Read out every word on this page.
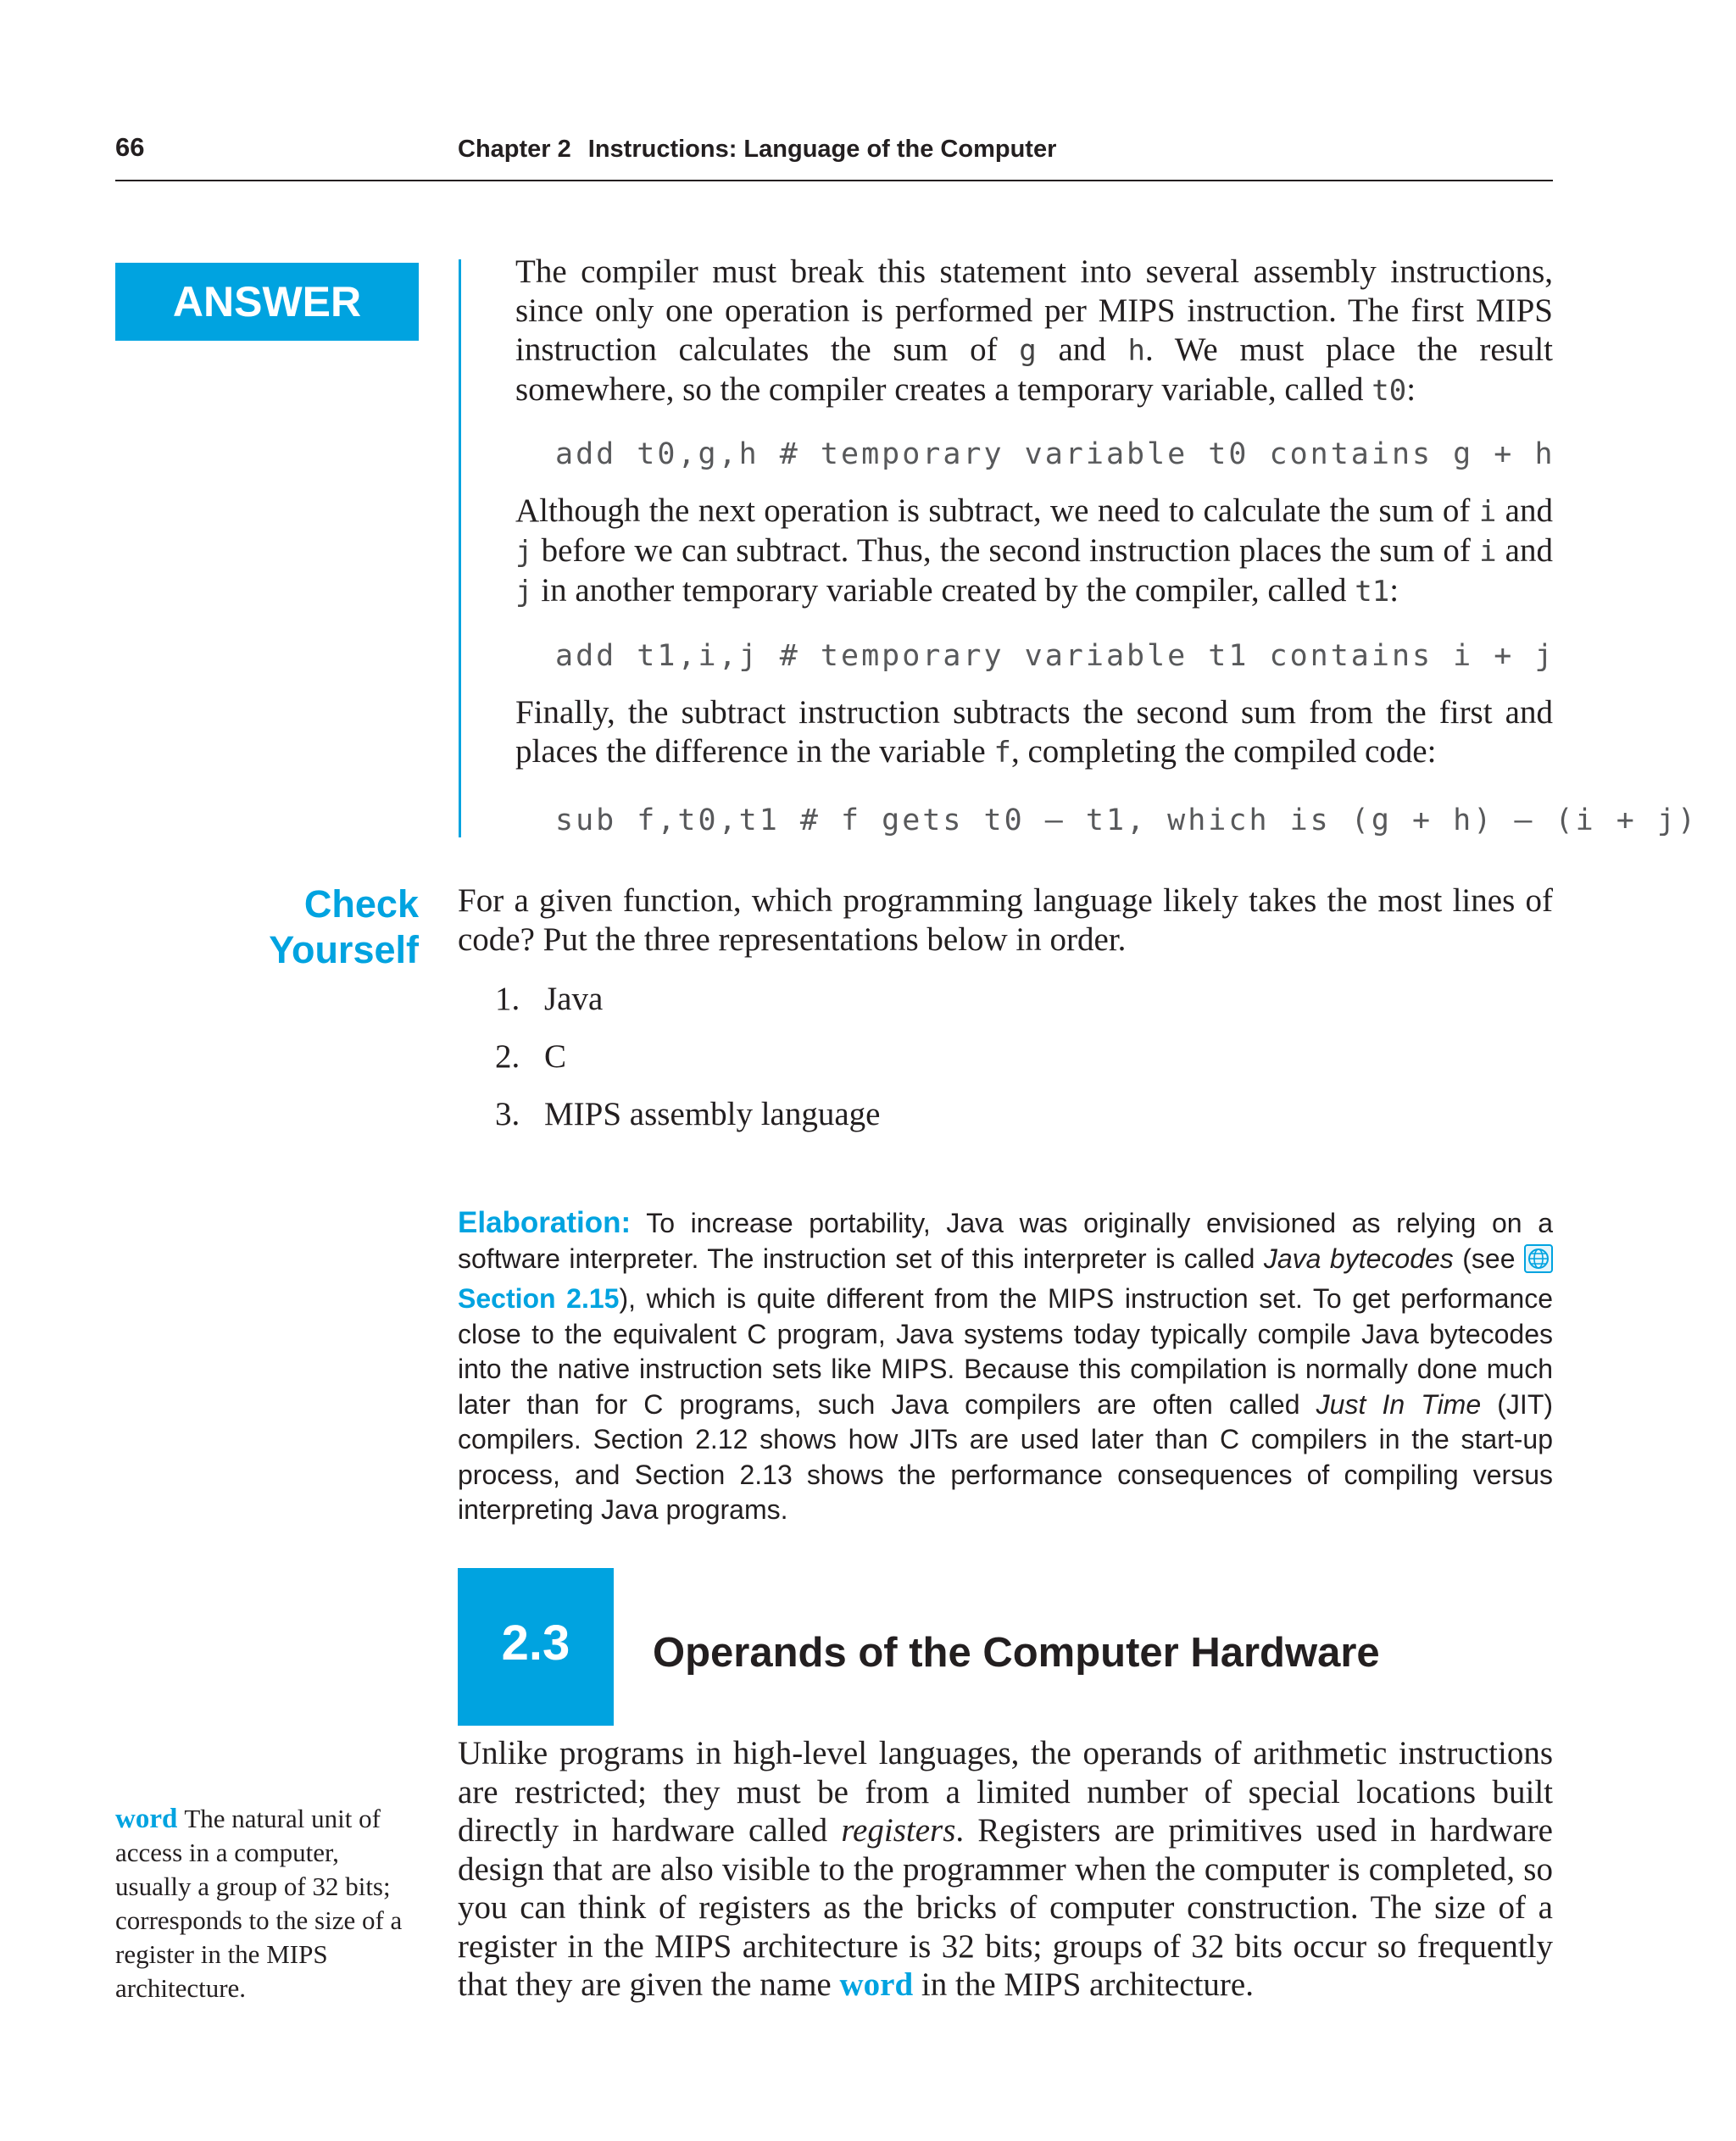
66	Chapter 2 Instructions: Language of the Computer
ANSWER

The compiler must break this statement into several assembly instructions, since only one operation is performed per MIPS instruction. The first MIPS instruction calculates the sum of g and h. We must place the result somewhere, so the compiler creates a temporary variable, called t0:

add t0,g,h # temporary variable t0 contains g + h

Although the next operation is subtract, we need to calculate the sum of i and j before we can subtract. Thus, the second instruction places the sum of i and j in another temporary variable created by the compiler, called t1:

add t1,i,j # temporary variable t1 contains i + j

Finally, the subtract instruction subtracts the second sum from the first and places the difference in the variable f, completing the compiled code:

sub f,t0,t1 # f gets t0 – t1, which is (g + h) – (i + j)
Check
Yourself

For a given function, which programming language likely takes the most lines of code? Put the three representations below in order.

1. Java
2. C
3. MIPS assembly language

Elaboration: To increase portability, Java was originally envisioned as relying on a software interpreter. The instruction set of this interpreter is called Java bytecodes (see  Section 2.15), which is quite different from the MIPS instruction set. To get performance close to the equivalent C program, Java systems today typically compile Java bytecodes into the native instruction sets like MIPS. Because this compilation is normally done much later than for C programs, such Java compilers are often called Just In Time (JIT) compilers. Section 2.12 shows how JITs are used later than C compilers in the start-up process, and Section 2.13 shows the performance consequences of compiling versus interpreting Java programs.

2.3	Operands of the Computer Hardware

Unlike programs in high-level languages, the operands of arithmetic instructions are restricted; they must be from a limited number of special locations built directly in hardware called registers. Registers are primitives used in hardware design that are also visible to the programmer when the computer is completed, so you can think of registers as the bricks of computer construction. The size of a register in the MIPS architecture is 32 bits; groups of 32 bits occur so frequently that they are given the name word in the MIPS architecture.

word The natural unit of access in a computer, usually a group of 32 bits; corresponds to the size of a register in the MIPS architecture.
